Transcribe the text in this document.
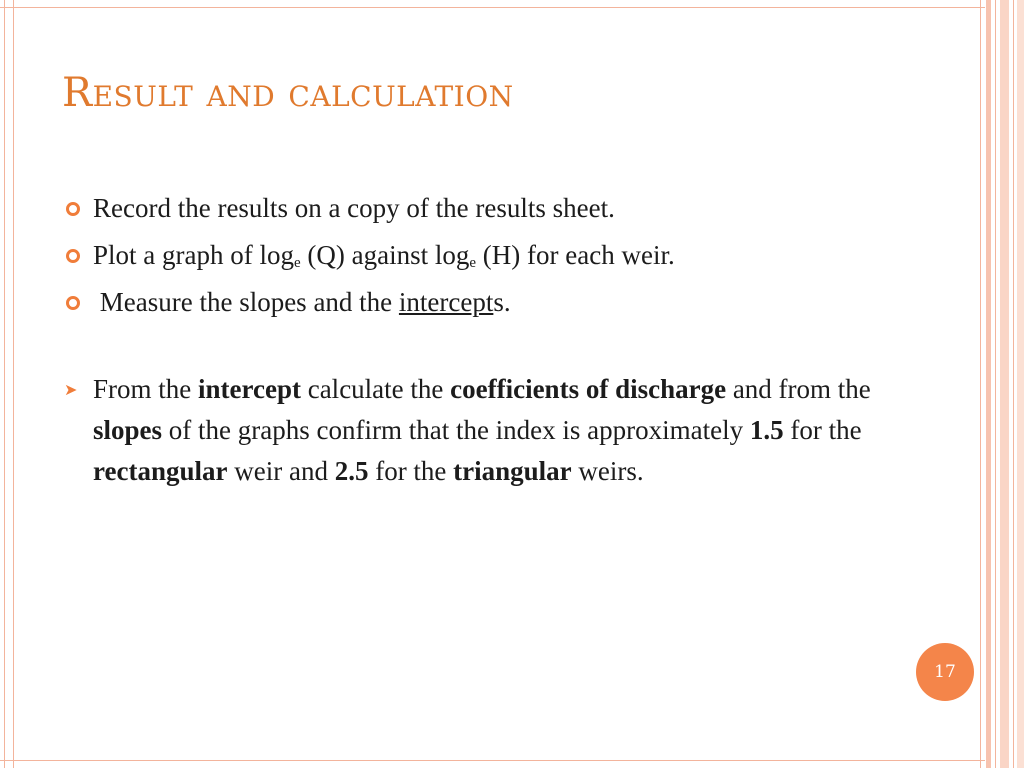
Result and calculation
Record the results on a copy of the results sheet.
Plot a graph of $\log_e (Q)$ against $\log_e (H)$ for each weir.
Measure the slopes and the intercepts.
➤ From the intercept calculate the coefficients of discharge and from the slopes of the graphs confirm that the index is approximately 1.5 for the rectangular weir and 2.5 for the triangular weirs.
17
